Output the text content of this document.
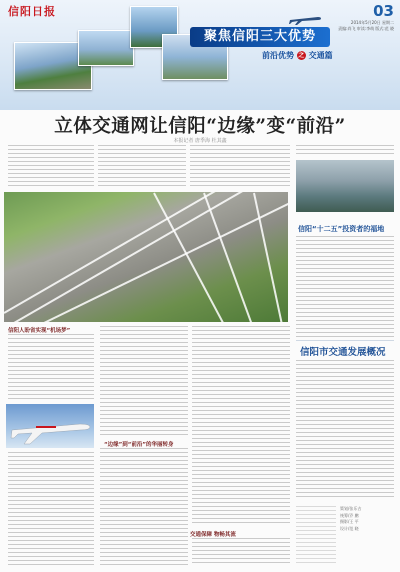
信阳日报	03
2014年5月20日 星期二
责编:尚飞 审读:李萌 版式:范 晓
聚焦信阳三大优势
前沿优势 之 交通篇
立体交通网让信阳“边缘”变“前沿”
本报记者 唐季海 杜其鑫
信阳“十二五”投资者的福地
信阳市交通发展概况
策划/张乐吉
统筹/乔 鹏
摄影/王 平
设计/范 晓
信阳人盼省实现“机场梦”
“边缘”到“前沿”的华丽转身
交通保障 物畅其流
